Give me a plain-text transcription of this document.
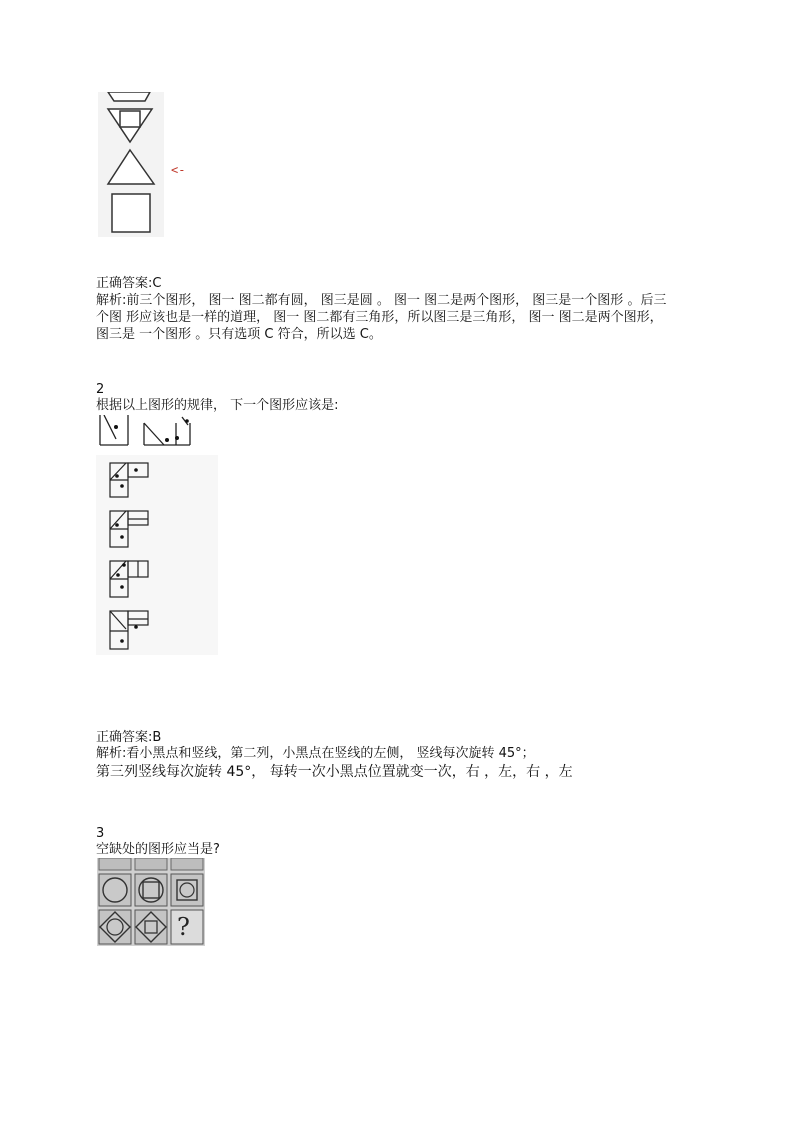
<-

正确答案:C

解析:前三个图形， 图一 图二都有圆， 图三是圆 。 图一 图二是两个图形， 图三是一个图形 。后三

个图 形应该也是一样的道理， 图一 图二都有三角形，所以图三是三角形， 图一 图二是两个图形，

图三是 一个图形 。只有选项 C 符合，所以选 C。

2
根据以上图形的规律， 下一个图形应该是:
正确答案:B
解析:看小黑点和竖线，第二列，小黑点在竖线的左侧， 竖线每次旋转 45°；
第三列竖线每次旋转 45°， 每转一次小黑点位置就变一次，右 ，左，右 ，左
3
空缺处的图形应当是?
?
